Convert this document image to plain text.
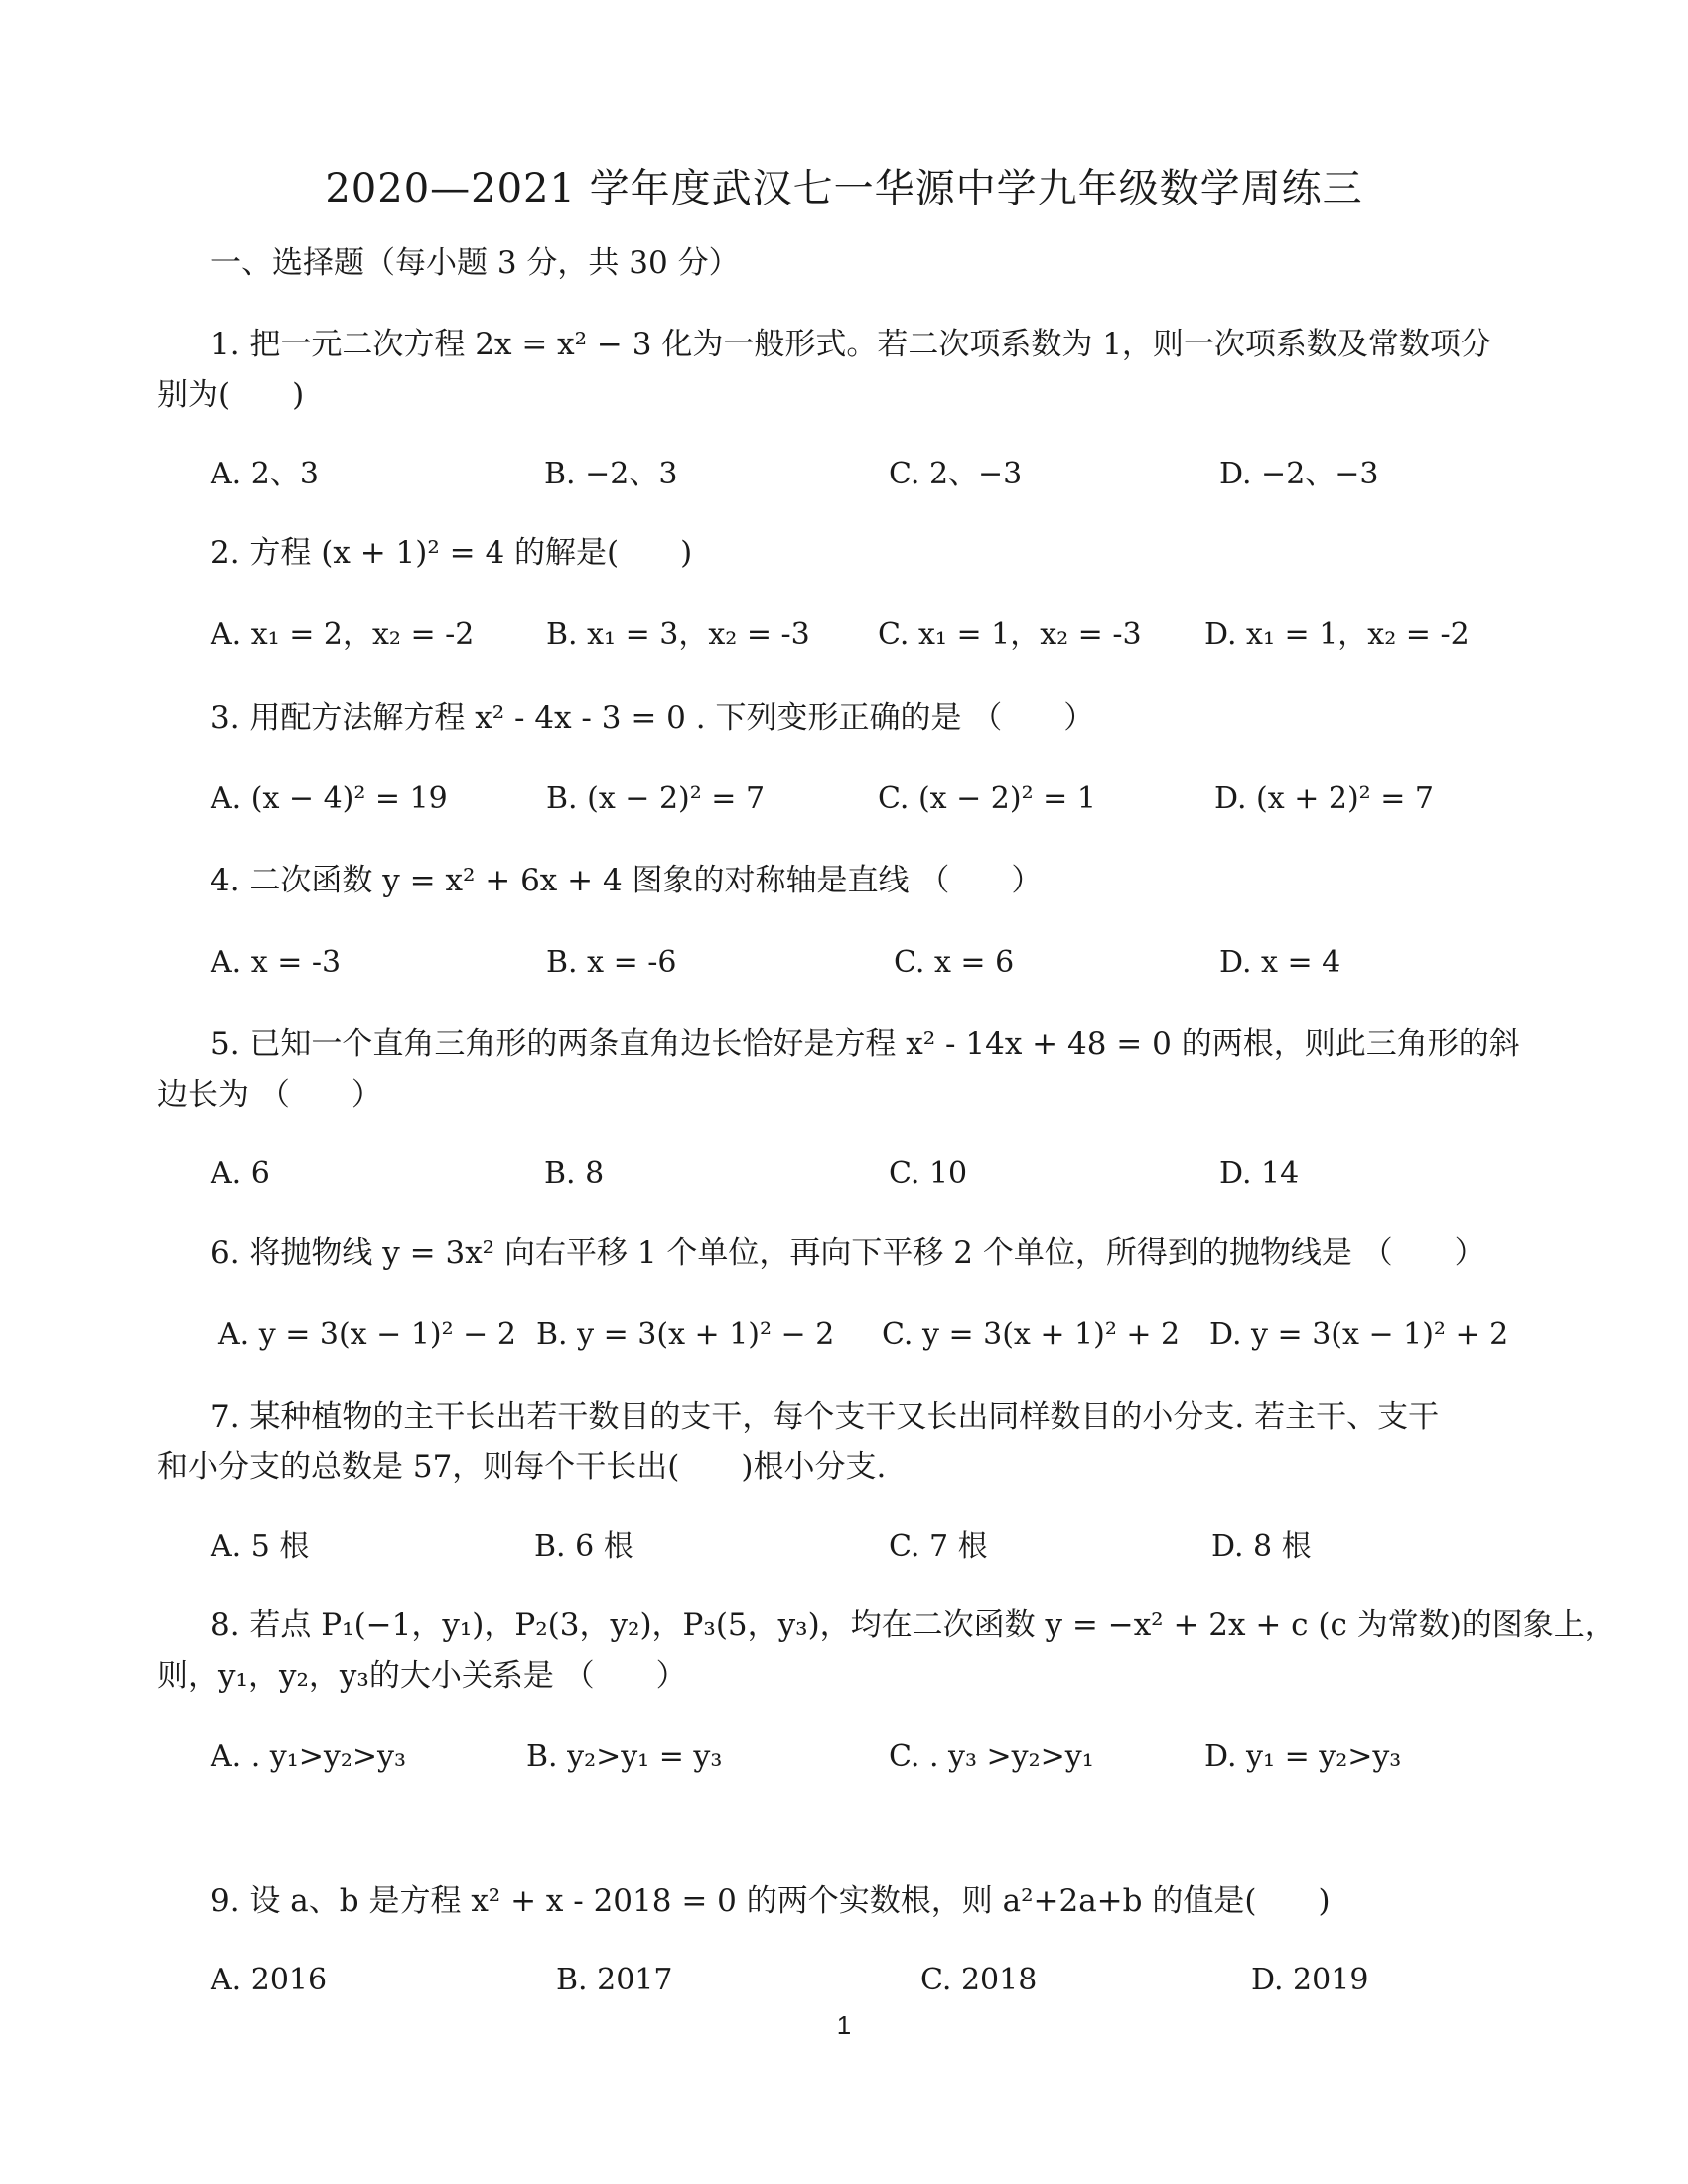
2020—2021 学年度武汉七一华源中学九年级数学周练三
一、选择题（每小题 3 分，共 30 分）
1. 把一元二次方程 2x = x² − 3 化为一般形式。若二次项系数为 1，则一次项系数及常数项分
别为(　　)
A. 2、3	B. −2、3	C. 2、−3	D. −2、−3
2. 方程 (x + 1)² = 4 的解是(　　)
A. x₁ = 2，x₂ = -2 B. x₁ = 3，x₂ = -3 C. x₁ = 1，x₂ = -3 D. x₁ = 1，x₂ = -2
3. 用配方法解方程 x² - 4x - 3 = 0 . 下列变形正确的是 （　　）
A. (x − 4)² = 19	B. (x − 2)² = 7	C. (x − 2)² = 1	D. (x + 2)² = 7
4. 二次函数 y = x² + 6x + 4 图象的对称轴是直线 （　　）
A. x = -3	B. x = -6	C. x = 6	D. x = 4
5. 已知一个直角三角形的两条直角边长恰好是方程 x² - 14x + 48 = 0 的两根，则此三角形的斜
边长为 （　　）
A. 6	B. 8	C. 10	D. 14
6. 将抛物线 y = 3x² 向右平移 1 个单位，再向下平移 2 个单位，所得到的抛物线是 （　　）
A. y = 3(x − 1)² − 2 B. y = 3(x + 1)² − 2 C. y = 3(x + 1)² + 2 D. y = 3(x − 1)² + 2
7. 某种植物的主干长出若干数目的支干，每个支干又长出同样数目的小分支. 若主干、支干
和小分支的总数是 57，则每个干长出(　　)根小分支.
A. 5 根	B. 6 根	C. 7 根	D. 8 根
8. 若点 P₁(−1，y₁)，P₂(3，y₂)，P₃(5，y₃)，均在二次函数 y = −x² + 2x + c (c 为常数)的图象上，
则，y₁，y₂，y₃的大小关系是 （　　）
A. . y₁>y₂>y₃	B. y₂>y₁ = y₃	C. . y₃ >y₂>y₁	D. y₁ = y₂>y₃
9. 设 a、b 是方程 x² + x - 2018 = 0 的两个实数根，则 a²+2a+b 的值是(　　)
A. 2016	B. 2017	C. 2018	D. 2019
1
